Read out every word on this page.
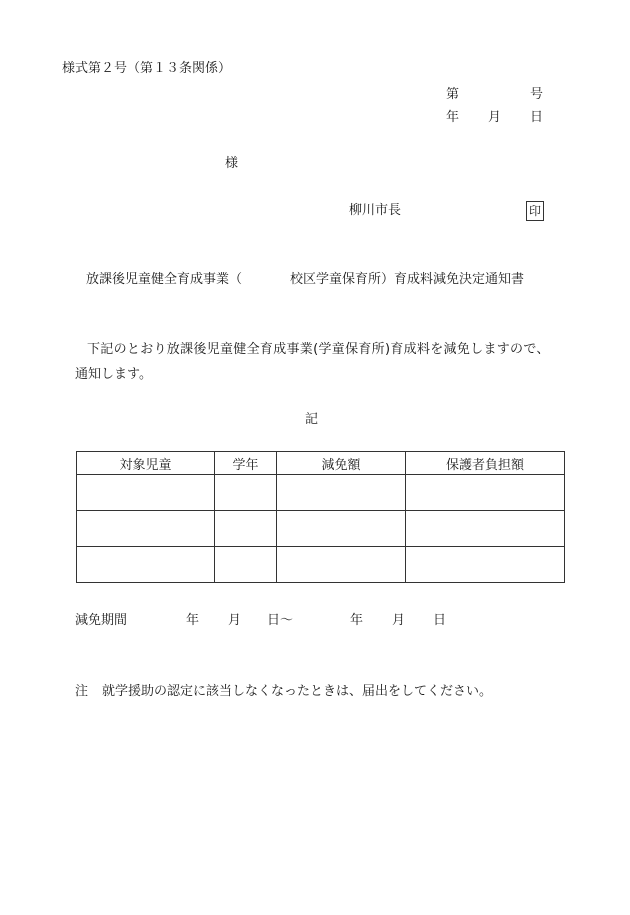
様式第２号（第１３条関係）
第	号
年 月 日
様
柳川市長	印
放課後児童健全育成事業（	校区学童保育所）育成料減免決定通知書
下記のとおり放課後児童健全育成事業(学童保育所)育成料を減免しますので、
通知します。
記
対象児童	学年	減免額	保護者負担額

減免期間	年 月 日～	年 月 日
注 就学援助の認定に該当しなくなったときは、届出をしてください。
